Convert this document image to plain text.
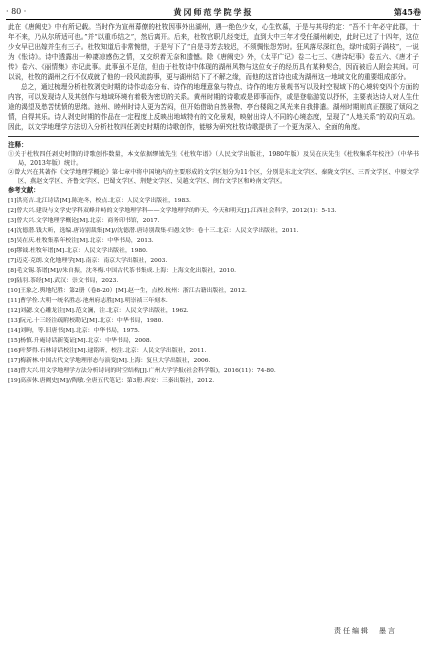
· 80 ·	黄冈师范学院学报	第45卷

此在《唐阙史》中有所记载。当时作为宣州幕僚的杜牧因事外出湖州，遇一绝色少女，心生钦慕，于是与其母约定：“吾不十年必守此郡，十年不来，乃从尔所适可也。”并“以重币结之”，然后离开。后来，杜牧官职几经变迁，直到大中三年才受任湖州刺史，此时已过了十四年，这位少女早已出嫁并生有三子。杜牧知道后非常惋惜，于是写下了“自是寻芳去较迟，不须惆怅怨芳时。狂风落尽深红色，绿叶成阴子满枝”，一说为《怅诗》。诗中透露出一种凄凉感伤之情，又交织着无奈和遗憾。除《唐阙史》外，《太平广记》卷二七三、《唐诗纪事》卷五六、《唐才子传》卷六、《丽情集》亦记此事。此事虽不足信，但由于杜牧诗中体现的湖州风物与这位女子的经历具有某种契合，因而被后人附会其间。可以说，杜牧的湖州之行不仅成就了他的一段风流韵事，更与湖州结下了不解之缘，而他的这首诗也成为湖州这一地域文化的重要组成部分。

总之，通过梳理分析杜牧剥史时期的诗作动态分布、诗作的地理意象与特点、诗作的地方景观书写以及时空视域下的心境转变四个方面的内容，可以发现诗人及其创作与地域环境有着极为密切的关系。黄州时期的诗歌或是即事而作，或是登临游览以抒怀，主要表达诗人对人生仕途的渴望及愁苦忧愤的思绪。池州、睦州时诗人更为苦闷，但开始借助自然景物、亭台楼阁之风光来自我排遣。湖州时期则真正摆脱了烦闷之情，自得其乐。诗人剥史时期的作品在一定程度上反映出地域特有的文化景观，映射出诗人不同的心境态度，呈现了“人地关系”的双向互动。因此，以文学地理学方法切入分析杜牧四任剥史时期的诗歌创作，能够为研究杜牧诗歌提供了一个更为深入、全面的角度。

注释：
①关于杜牧四任剥史时期的诗歌创作数量，本文依据缪钺先生《杜牧年谱》（人民文学出版社，1980年版）及吴在庆先生《杜牧集系年校注》（中华书局，2013年版）统计。
②曾大兴在其著作《文学地理学概论》第七章中将中国境内的主要形成的文学区划分为11个区，分别是东北文学区、秦陇文学区、三晋文学区、中原文学区、燕赵文学区、齐鲁文学区、巴蜀文学区、荆楚文学区、吴越文学区、闽台文学区和岭南文学区。
参考文献：
[1]洪亮吉.北江诗话[M].陈迩冬，校点.北京：人民文学出版社，1983.
[2]曾大兴.建设与文学史学科双峰并峙的文学地理学科——文学地理学的昨天、今天和明天[J].江西社会科学，2012(1)：5-13.
[3]曾大兴.文学地理学概论[M].北京：商务印书馆，2017.
[4]沈德潜.钱大昕，选编.唐诗别裁集[M]//沈德潜.唐诗别裁集·归愚文钞：卷十三.北京：人民文学出版社，2011.
[5]吴在庆.杜牧集系年校注[M].北京：中华书局，2013.
[6]缪钺.杜牧年谱[M].北京：人民文学出版社，1980.
[7]迈克·克朗.文化地理学[M].南京：南京大学出版社，2003.
[8]毛文锡.茶谱[M]//朱自振，沈冬梅.中国古代茶书集成.上海：上海文化出版社，2010.
[9]陆羽.茶经[M].武汉：崇文书局，2023.
[10]王象之.舆地纪胜：第2册（卷8-20）[M].赵一生，点校.杭州：浙江古籍出版社，2012.
[11]曹学佺.大明一统名胜志·池州府志胜[M].明崇祯三年刻本.
[12]刘勰.文心雕龙注[M].范文澜，注.北京：人民文学出版社，1962.
[13]阮元.十三经注疏附校勘记[M].北京：中华书局，1980.
[14]刘昫，等.旧唐书[M].北京：中华书局，1975.
[15]杨慎.升庵诗话新笺证[M].北京：中华书局，2008.
[16]叶梦得.石林诗话校注[M].逯铭昕，校注.北京：人民文学出版社，2011.
[17]梅新林.中国古代文学地理形态与演变[M].上海：复旦大学出版社，2006.
[18]曾大兴.用文学地理学方法分析诗词的时空结构[J].广州大学学报(社会科学版)，2016(11)：74-80.
[19]高彦休.唐阙史[M]//陶敏.全唐五代笔记：第3册.西安：三秦出版社，2012.
责任编辑　墨言
